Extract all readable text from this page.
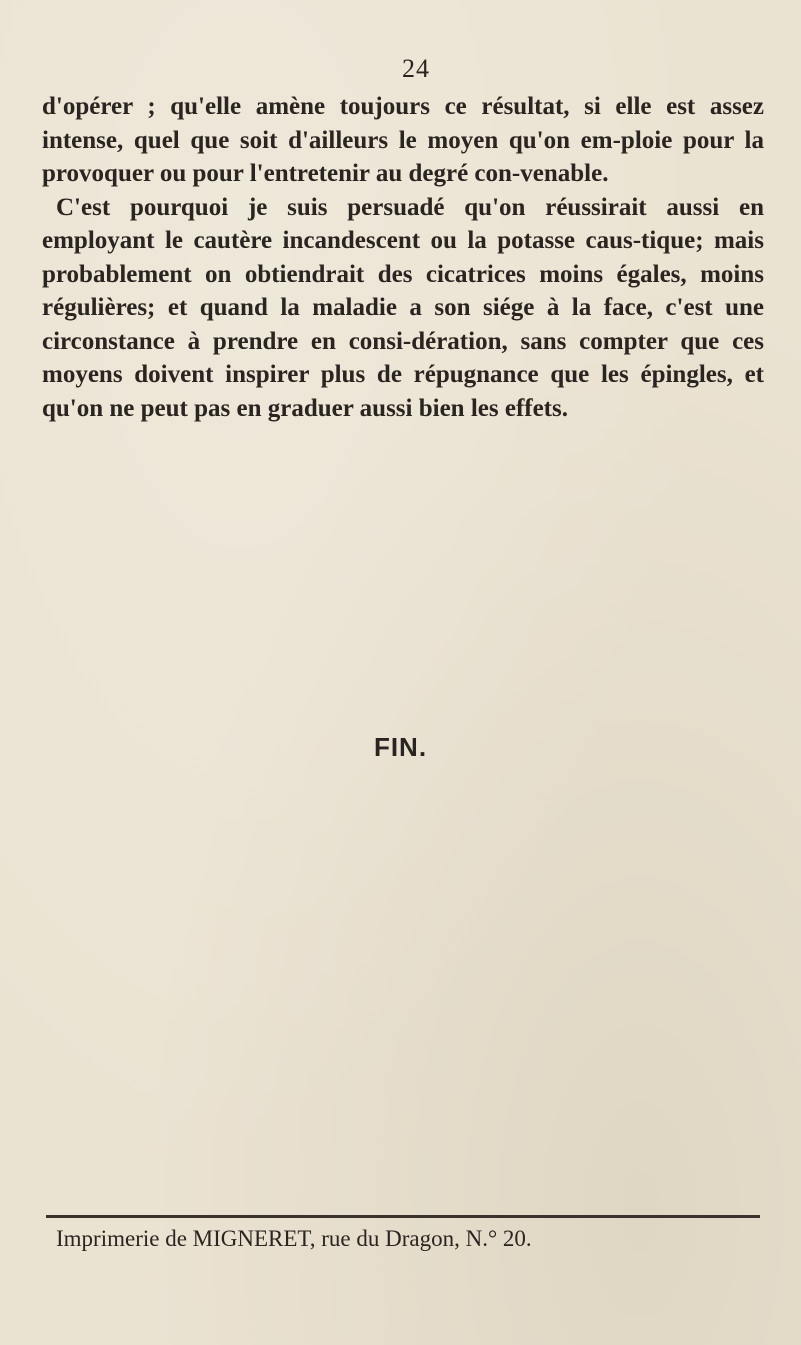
24

d'opérer ; qu'elle amène toujours ce résultat, si elle est assez intense, quel que soit d'ailleurs le moyen qu'on em-ploie pour la provoquer ou pour l'entretenir au degré con-venable.

C'est pourquoi je suis persuadé qu'on réussirait aussi en employant le cautère incandescent ou la potasse caus-tique; mais probablement on obtiendrait des cicatrices moins égales, moins régulières; et quand la maladie a son siége à la face, c'est une circonstance à prendre en consi-dération, sans compter que ces moyens doivent inspirer plus de répugnance que les épingles, et qu'on ne peut pas en graduer aussi bien les effets.

FIN.
Imprimerie de MIGNERET, rue du Dragon, N.° 20.
